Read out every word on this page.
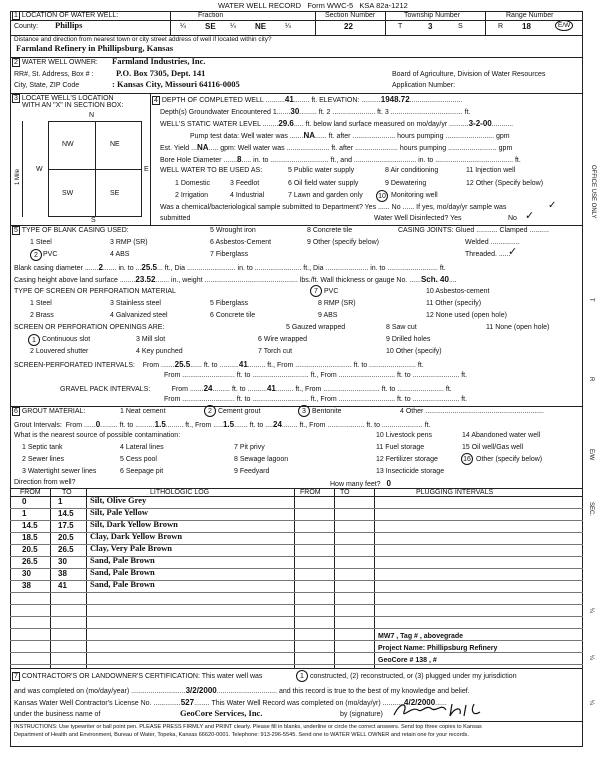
WATER WELL RECORD Form WWC-5 KSA 82a-1212
1 LOCATION OF WATER WELL:	Fraction	Section Number	Township Number	Range Number
County: Phillips	¼ SE ¼ NE	¼	22	T	3	S	R 18	E/W
Distance and direction from nearest town or city street address of well if located within city?
Farmland Refinery in Phillipsburg, Kansas
2 WATER WELL OWNER: Farmland Industries, Inc.
RR#, St. Address, Box # :	P.O. Box 7305, Dept. 141	Board of Agriculture, Division of Water Resources
City, State, ZIP Code	: Kansas City, Missouri 64116-0005	Application Number:
3 LOCATE WELL'S LOCATION
WITH AN "X" IN SECTION BOX:
N
NW	NE
SW	SE
W	E
S
1 Mile
4 DEPTH OF COMPLETED WELL ..........41........ ft. ELEVATION: ..........1948.72...........................
Depth(s) Groundwater Encountered 1.......30......... ft. 2 ...................... ft. 3 ..................................... ft.
WELL'S STATIC WATER LEVEL ........29.6..... ft. below land surface measured on mo/day/yr ..........3-2-00...........
Pump test data: Well water was .......NA...... ft. after ...................... hours pumping ......................... gpm
Est. Yield ...NA..... gpm: Well water was ...................... ft. after ...................... hours pumping ......................... gpm
Bore Hole Diameter .......8..... in. to .............................. ft., and ................................ in. to ........................................ ft.
WELL WATER TO BE USED AS:	5 Public water supply	8 Air conditioning	11 Injection well
1 Domestic	3 Feedlot	6 Oil field water supply	9 Dewatering	12 Other (Specify below)
2 Irrigation	4 Industrial	7 Lawn and garden only 10 Monitoring well
Was a chemical/bacteriological sample submitted to Department? Yes ...... No ...... If yes, mo/day/yr sample was	✓
submitted	Water Well Disinfected? Yes	No ✓
5 TYPE OF BLANK CASING USED:	5 Wrought iron	8 Concrete tile	CASING JOINTS: Glued ........... Clamped ..........
1 Steel	3 RMP (SR)	6 Asbestos-Cement	9 Other (specify below)	Welded ...............
2 PVC	4 ABS	7 Fiberglass	Threaded. ......
✓
Blank casing diameter .......2....... in. to ...25.5... ft., Dia ......................... in. to ........................ ft., Dia ...................... in. to .......................... ft.
Casing height above land surface ........23.52....... in., weight ................................................ lbs./ft. Wall thickness or gauge No. ......Sch. 40....
TYPE OF SCREEN OR PERFORATION MATERIAL	7 PVC	10 Asbestos-cement
1 Steel	3 Stainless steel	5 Fiberglass	8 RMP (SR)	11 Other (specify)
2 Brass	4 Galvanized steel	6 Concrete tile	9 ABS	12 None used (open hole)
SCREEN OR PERFORATION OPENINGS ARE:	5 Gauzed wrapped	8 Saw cut	11 None (open hole)
1 Continuous slot	3 Mill slot	6 Wire wrapped	9 Drilled holes
2 Louvered shutter	4 Key punched	7 Torch cut	10 Other (specify)
SCREEN-PERFORATED INTERVALS: From .......25.5...... ft. to ..........41......... ft., From ............................. ft. to ........................ ft.
From ........................... ft. to ............................. ft., From ............................. ft. to ........................ ft.
GRAVEL PACK INTERVALS:	From .......24......... ft. to ..........41......... ft., From ............................. ft. to ........................ ft.
From ........................... ft. to ............................. ft., From ............................. ft. to ........................ ft.
6 GROUT MATERIAL:	1 Neat cement	2 Cement grout	3 Bentonite	4 Other .............................................................
Grout Intervals: From ......0......... ft. to ..........1.5......... ft., From .....1.5....... ft. to ....24........ ft., From ................... ft. to ..................... ft.
What is the nearest source of possible contamination:	10 Livestock pens	14 Abandoned water well
1 Septic tank	4 Lateral lines	7 Pit privy	11 Fuel storage	15 Oil well/Gas well
2 Sewer lines	5 Cess pool	8 Sewage lagoon	12 Fertilizer storage	16 Other (specify below)
3 Watertight sewer lines	6 Seepage pit	9 Feedyard	13 Insecticide storage
Direction from well?	How many feet? 0
FROM	TO	LITHOLOGIC LOG	FROM	TO	PLUGGING INTERVALS
0	1	Silt, Olive Grey
1	14.5 Silt, Pale Yellow
14.5	17.5 Silt, Dark Yellow Brown
18.5	20.5 Clay, Dark Yellow Brown
20.5	26.5 Clay, Very Pale Brown
26.5	30	Sand, Pale Brown
30	38	Sand, Pale Brown
38	41	Sand, Pale Brown
MW7 , Tag # , abovegrade
Project Name: Phillipsburg Refinery
GeoCore # 138 , #
7 CONTRACTOR'S OR LANDOWNER'S CERTIFICATION: This water well was	1 constructed, (2) reconstructed, or (3) plugged under my jurisdiction
and was completed on (mo/day/year) ............................3/2/2000............................... and this record is true to the best of my knowledge and belief.
Kansas Water Well Contractor's License No. ..............527........ This Water Well Record was completed on (mo/day/yr) ...........4/2/2000......
under the business name of	GeoCore Services, Inc.	by (signature)
INSTRUCTIONS: Use typewriter or ball point pen. PLEASE PRESS FIRMLY and PRINT clearly. Please fill in blanks, underline or circle the correct answers. Send top three copies to Kansas
Department of Health and Environment, Bureau of Water, Topeka, Kansas 66620-0001. Telephone: 913-296-5545. Send one to WATER WELL OWNER and retain one for your records.
OFFICE USE ONLY
T
R
E/W
SEC.
¼
¼
¼
